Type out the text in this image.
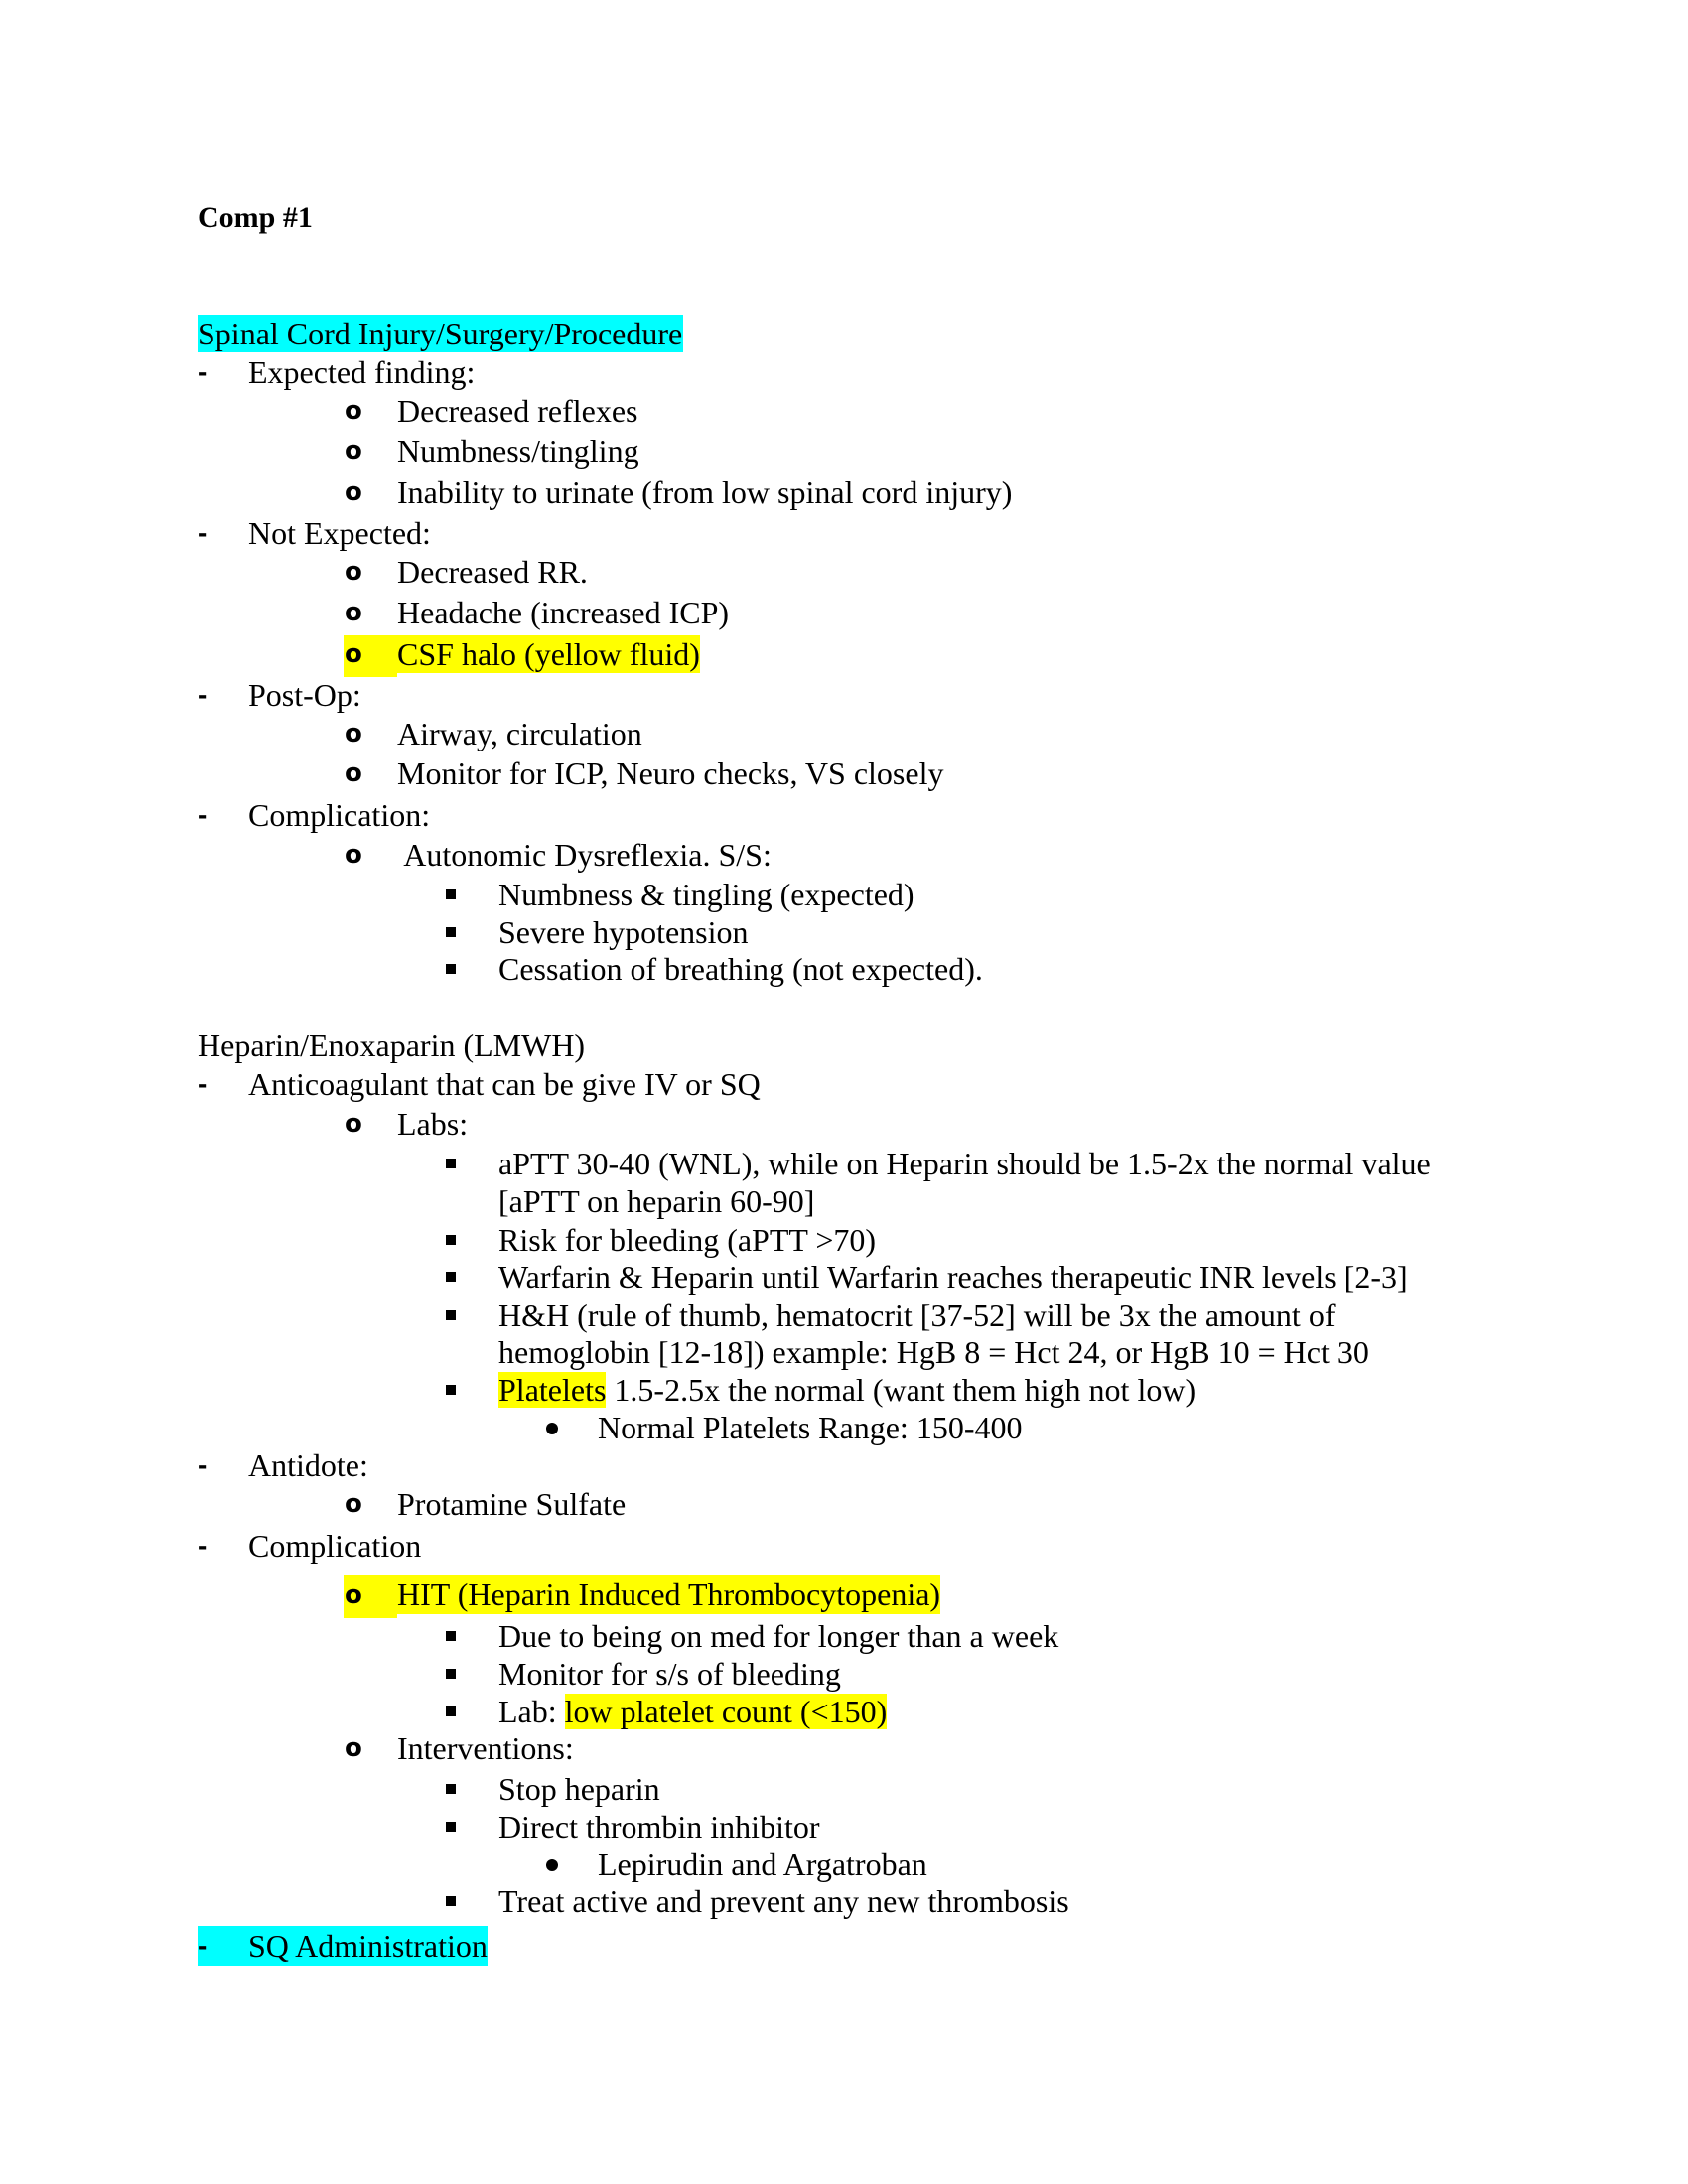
Comp #1
Spinal Cord Injury/Surgery/Procedure
- Expected finding:
o Decreased reflexes
o Numbness/tingling
o Inability to urinate (from low spinal cord injury)
- Not Expected:
o Decreased RR.
o Headache (increased ICP)
o CSF halo (yellow fluid)
- Post-Op:
o Airway, circulation
o Monitor for ICP, Neuro checks, VS closely
- Complication:
o Autonomic Dysreflexia. S/S:
Numbness & tingling (expected)
Severe hypotension
Cessation of breathing (not expected).
Heparin/Enoxaparin (LMWH)
- Anticoagulant that can be give IV or SQ
o Labs:
aPTT 30-40 (WNL), while on Heparin should be 1.5-2x the normal value
[aPTT on heparin 60-90]
Risk for bleeding (aPTT >70)
Warfarin & Heparin until Warfarin reaches therapeutic INR levels [2-3]
H&H (rule of thumb, hematocrit [37-52] will be 3x the amount of
hemoglobin [12-18]) example: HgB 8 = Hct 24, or HgB 10 = Hct 30
Platelets 1.5-2.5x the normal (want them high not low)
Normal Platelets Range: 150-400
- Antidote:
o Protamine Sulfate
- Complication
o HIT (Heparin Induced Thrombocytopenia)
Due to being on med for longer than a week
Monitor for s/s of bleeding
Lab: low platelet count (<150)
o Interventions:
Stop heparin
Direct thrombin inhibitor
Lepirudin and Argatroban
Treat active and prevent any new thrombosis
- SQ Administration
